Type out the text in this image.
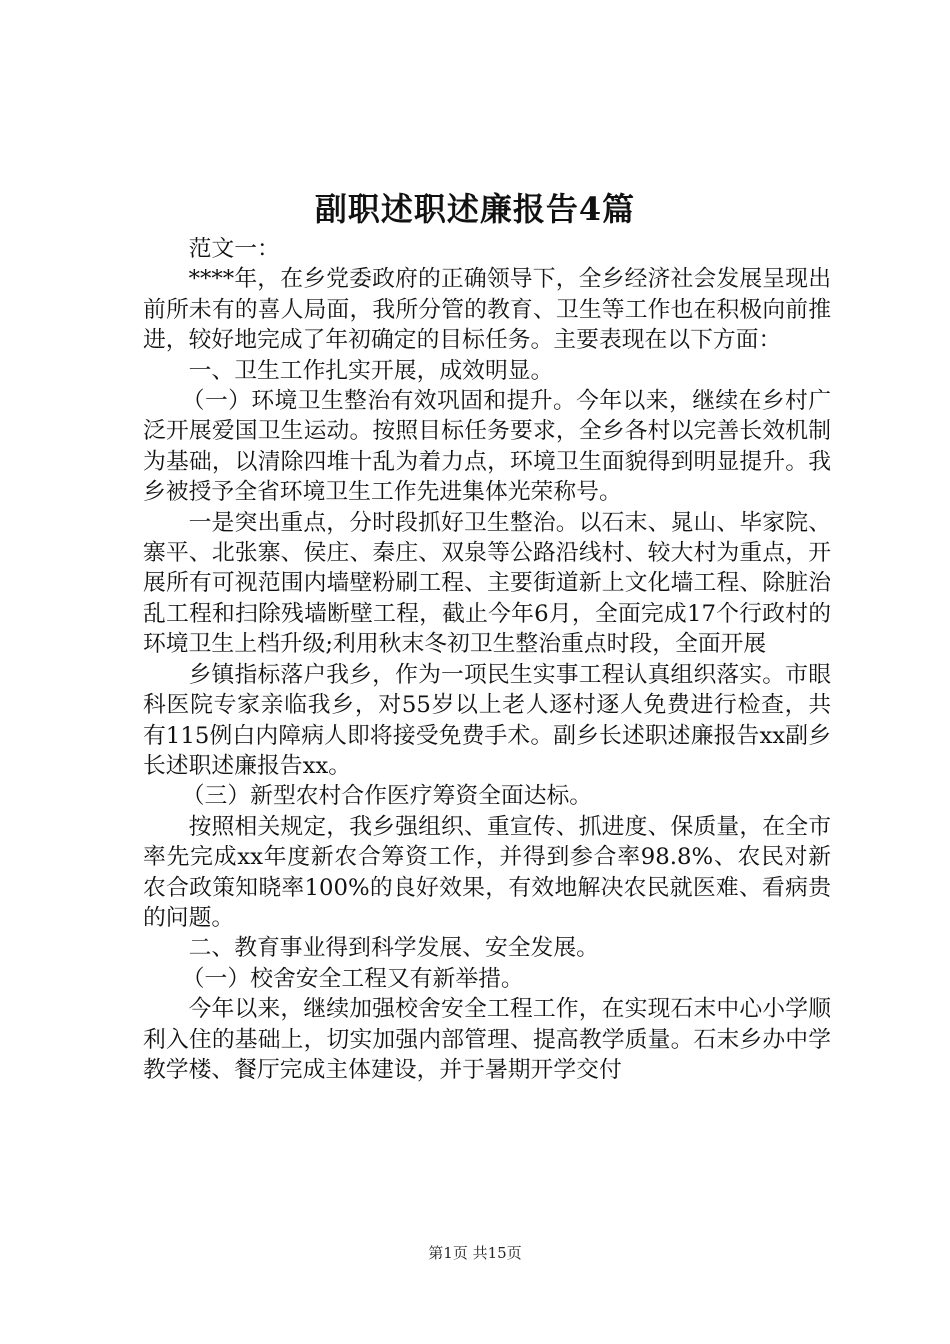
副职述职述廉报告4篇

范文一：

****年，在乡党委政府的正确领导下，全乡经济社会发展呈现出前所未有的喜人局面，我所分管的教育、卫生等工作也在积极向前推进，较好地完成了年初确定的目标任务。主要表现在以下方面：

一、卫生工作扎实开展，成效明显。

（一）环境卫生整治有效巩固和提升。今年以来，继续在乡村广泛开展爱国卫生运动。按照目标任务要求，全乡各村以完善长效机制为基础，以清除四堆十乱为着力点，环境卫生面貌得到明显提升。我乡被授予全省环境卫生工作先进集体光荣称号。

一是突出重点，分时段抓好卫生整治。以石末、晁山、毕家院、寨平、北张寨、侯庄、秦庄、双泉等公路沿线村、较大村为重点，开展所有可视范围内墙壁粉刷工程、主要街道新上文化墙工程、除脏治乱工程和扫除残墙断壁工程，截止今年6月，全面完成17个行政村的环境卫生上档升级;利用秋末冬初卫生整治重点时段，全面开展

乡镇指标落户我乡，作为一项民生实事工程认真组织落实。市眼科医院专家亲临我乡，对55岁以上老人逐村逐人免费进行检查，共有115例白内障病人即将接受免费手术。副乡长述职述廉报告xx副乡长述职述廉报告xx。

（三）新型农村合作医疗筹资全面达标。

按照相关规定，我乡强组织、重宣传、抓进度、保质量，在全市率先完成xx年度新农合筹资工作，并得到参合率98.8%、农民对新农合政策知晓率100%的良好效果，有效地解决农民就医难、看病贵的问题。

二、教育事业得到科学发展、安全发展。

（一）校舍安全工程又有新举措。

今年以来，继续加强校舍安全工程工作，在实现石末中心小学顺利入住的基础上，切实加强内部管理、提高教学质量。石末乡办中学教学楼、餐厅完成主体建设，并于暑期开学交付

第1页 共15页
